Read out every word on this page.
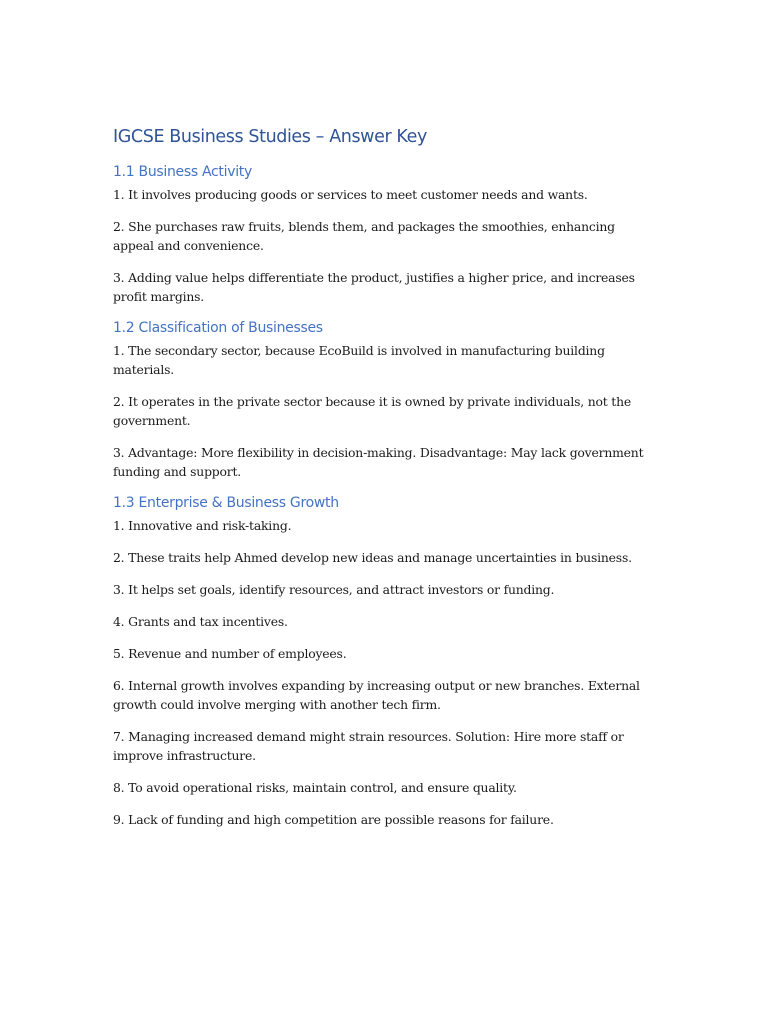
IGCSE Business Studies – Answer Key
1.1 Business Activity

1. It involves producing goods or services to meet customer needs and wants.

2. She purchases raw fruits, blends them, and packages the smoothies, enhancing appeal and convenience.

3. Adding value helps differentiate the product, justifies a higher price, and increases profit margins.

1.2 Classification of Businesses

1. The secondary sector, because EcoBuild is involved in manufacturing building materials.

2. It operates in the private sector because it is owned by private individuals, not the government.

3. Advantage: More flexibility in decision-making. Disadvantage: May lack government funding and support.

1.3 Enterprise & Business Growth

1. Innovative and risk-taking.

2. These traits help Ahmed develop new ideas and manage uncertainties in business.

3. It helps set goals, identify resources, and attract investors or funding.

4. Grants and tax incentives.

5. Revenue and number of employees.

6. Internal growth involves expanding by increasing output or new branches. External growth could involve merging with another tech firm.

7. Managing increased demand might strain resources. Solution: Hire more staff or improve infrastructure.

8. To avoid operational risks, maintain control, and ensure quality.

9. Lack of funding and high competition are possible reasons for failure.
